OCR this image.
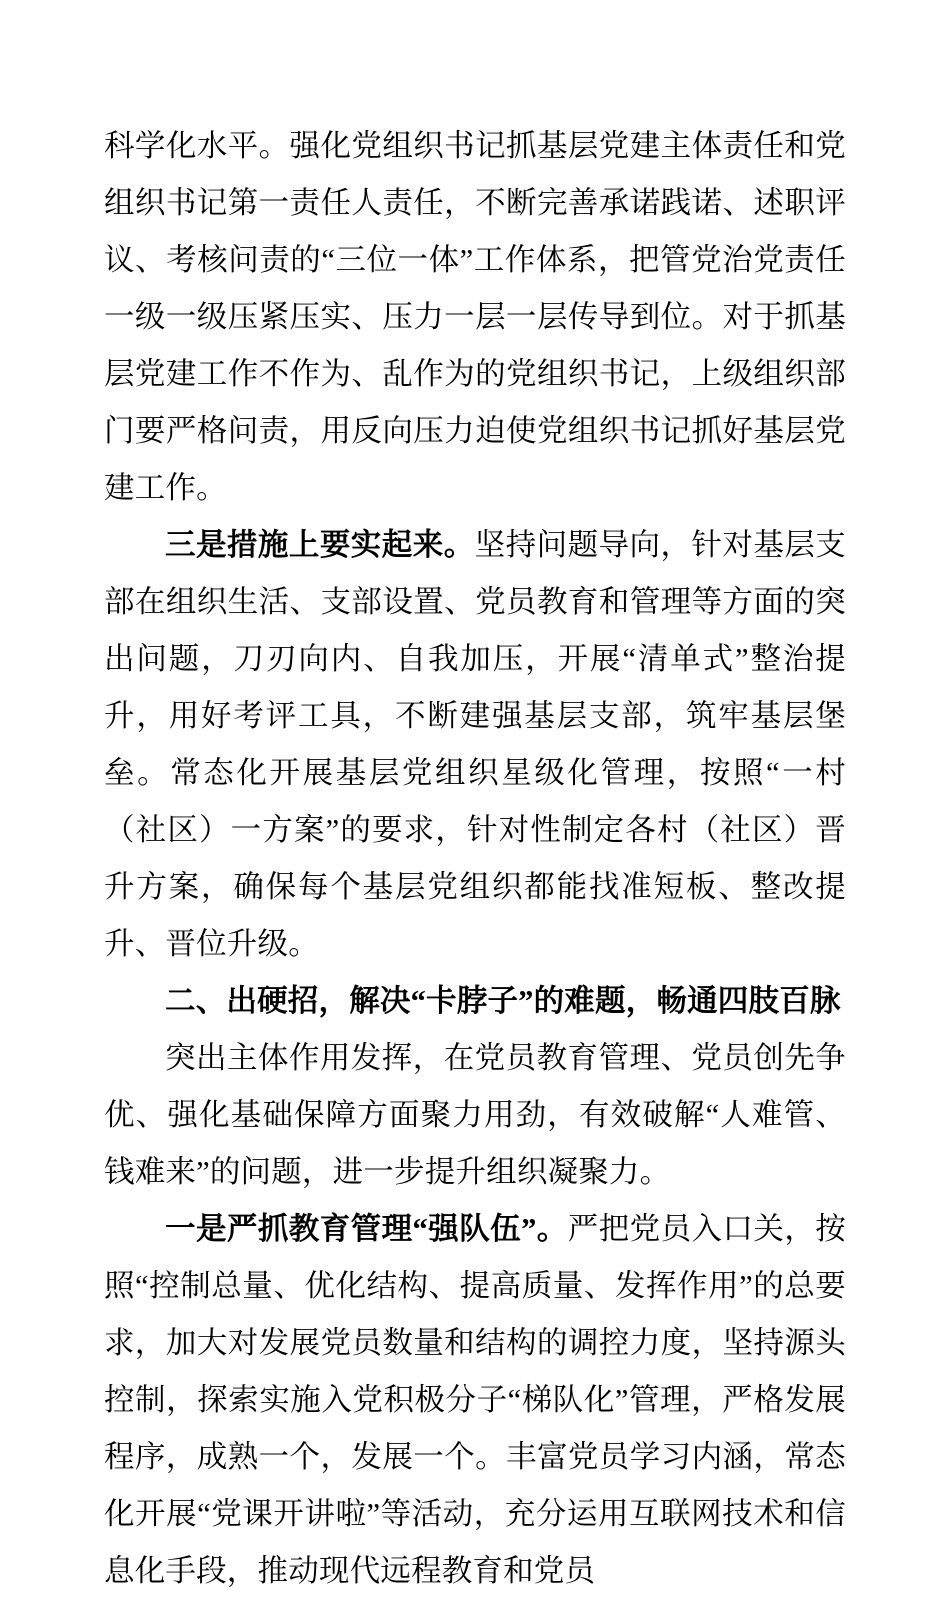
科学化水平。强化党组织书记抓基层党建主体责任和党组织书记第一责任人责任，不断完善承诺践诺、述职评议、考核问责的“三位一体”工作体系，把管党治党责任一级一级压紧压实、压力一层一层传导到位。对于抓基层党建工作不作为、乱作为的党组织书记，上级组织部门要严格问责，用反向压力迫使党组织书记抓好基层党建工作。

三是措施上要实起来。坚持问题导向，针对基层支部在组织生活、支部设置、党员教育和管理等方面的突出问题，刀刃向内、自我加压，开展“清单式”整治提升，用好考评工具，不断建强基层支部，筑牢基层堡垒。常态化开展基层党组织星级化管理，按照“一村（社区）一方案”的要求，针对性制定各村（社区）晋升方案，确保每个基层党组织都能找准短板、整改提升、晋位升级。

二、出硬招，解决“卡脖子”的难题，畅通四肢百脉

突出主体作用发挥，在党员教育管理、党员创先争优、强化基础保障方面聚力用劲，有效破解“人难管、钱难来”的问题，进一步提升组织凝聚力。

一是严抓教育管理“强队伍”。严把党员入口关，按照“控制总量、优化结构、提高质量、发挥作用”的总要求，加大对发展党员数量和结构的调控力度，坚持源头控制，探索实施入党积极分子“梯队化”管理，严格发展程序，成熟一个，发展一个。丰富党员学习内涵，常态化开展“党课开讲啦”等活动，充分运用互联网技术和信息化手段，推动现代远程教育和党员
